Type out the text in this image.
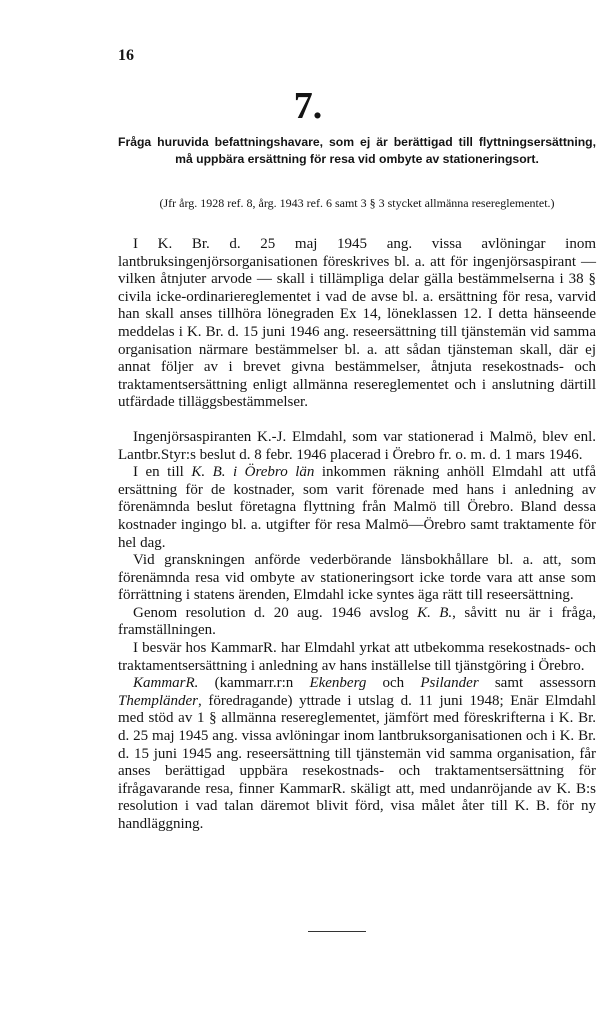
16
7.
Fråga huruvida befattningshavare, som ej är berättigad till flyttningsersättning, må uppbära ersättning för resa vid ombyte av stationeringsort.
(Jfr årg. 1928 ref. 8, årg. 1943 ref. 6 samt 3 § 3 stycket allmänna resereglementet.)

I K. Br. d. 25 maj 1945 ang. vissa avlöningar inom lantbruksingenjörsorganisationen föreskrives bl. a. att för ingenjörsaspirant — vilken åtnjuter arvode — skall i tillämpliga delar gälla bestämmelserna i 38 § civila icke-ordinariereglementet i vad de avse bl. a. ersättning för resa, varvid han skall anses tillhöra lönegraden Ex 14, löneklassen 12. I detta hänseende meddelas i K. Br. d. 15 juni 1946 ang. reseersättning till tjänstemän vid samma organisation närmare bestämmelser bl. a. att sådan tjänsteman skall, där ej annat följer av i brevet givna bestämmelser, åtnjuta resekostnads- och traktamentsersättning enligt allmänna resereglementet och i anslutning därtill utfärdade tilläggsbestämmelser.

Ingenjörsaspiranten K.-J. Elmdahl, som var stationerad i Malmö, blev enl. Lantbr.Styr:s beslut d. 8 febr. 1946 placerad i Örebro fr. o. m. d. 1 mars 1946.

I en till K. B. i Örebro län inkommen räkning anhöll Elmdahl att utfå ersättning för de kostnader, som varit förenade med hans i anledning av förenämnda beslut företagna flyttning från Malmö till Örebro. Bland dessa kostnader ingingo bl. a. utgifter för resa Malmö—Örebro samt traktamente för hel dag.

Vid granskningen anförde vederbörande länsbokhållare bl. a. att, som förenämnda resa vid ombyte av stationeringsort icke torde vara att anse som förrättning i statens ärenden, Elmdahl icke syntes äga rätt till reseersättning.

Genom resolution d. 20 aug. 1946 avslog K. B., såvitt nu är i fråga, framställningen.

I besvär hos KammarR. har Elmdahl yrkat att utbekomma resekostnads- och traktamentsersättning i anledning av hans inställelse till tjänstgöring i Örebro.

KammarR. (kammarr.r:n Ekenberg och Psilander samt assessorn Thempländer, föredragande) yttrade i utslag d. 11 juni 1948; Enär Elmdahl med stöd av 1 § allmänna resereglementet, jämfört med föreskrifterna i K. Br. d. 25 maj 1945 ang. vissa avlöningar inom lantbruksorganisationen och i K. Br. d. 15 juni 1945 ang. reseersättning till tjänstemän vid samma organisation, får anses berättigad uppbära resekostnads- och traktamentsersättning för ifrågavarande resa, finner KammarR. skäligt att, med undanröjande av K. B:s resolution i vad talan däremot blivit förd, visa målet åter till K. B. för ny handläggning.
